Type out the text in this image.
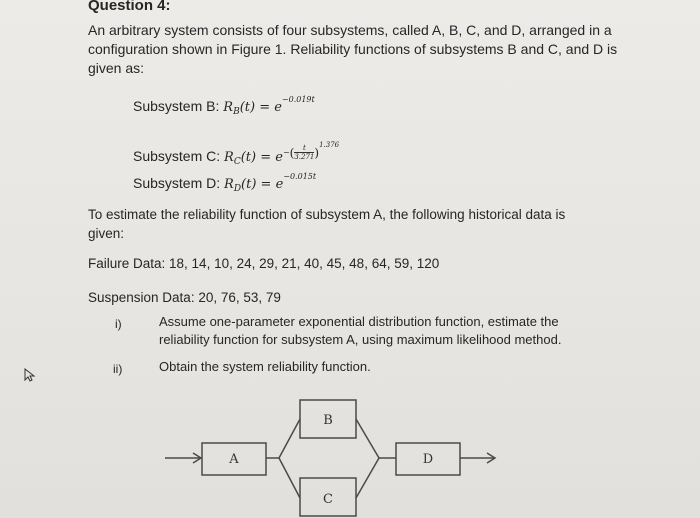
Question 4:
An arbitrary system consists of four subsystems, called A, B, C, and D, arranged in a
configuration shown in Figure 1. Reliability functions of subsystems B and C, and D is
given as:
Subsystem B: $R_B(t) = e^{-0.019t}$
Subsystem C: $R_C(t) = e^-( \frac{t}{3.271} )^{1.376}$
Subsystem D: $R_D(t) = e^{-0.015t}$
To estimate the reliability function of subsystem A, the following historical data is
given:
Failure Data: 18, 14, 10, 24, 29, 21, 40, 45, 48, 64, 59, 120
Suspension Data: 20, 76, 53, 79
i)	Assume one-parameter exponential distribution function, estimate the
reliability function for subsystem A, using maximum likelihood method.
ii)	Obtain the system reliability function.
A
B
C
D
